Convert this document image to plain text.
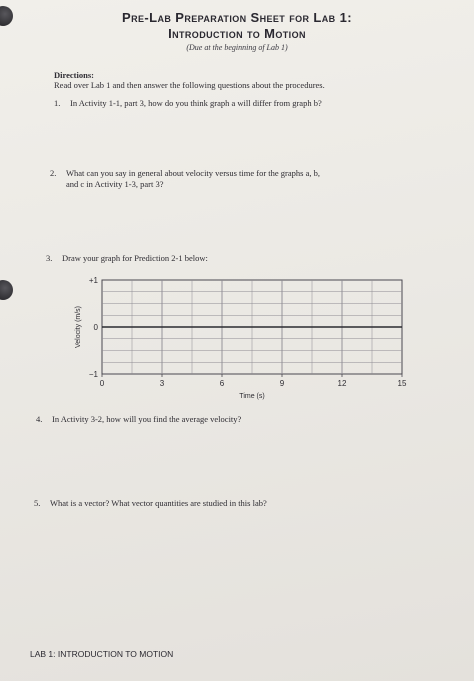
​
Pre-Lab Preparation Sheet for Lab 1:
Introduction to Motion
(Due at the beginning of Lab 1)
Directions:
Read over Lab 1 and then answer the following questions about the procedures.
1. In Activity 1-1, part 3, how do you think graph a will differ from graph b?
2. What can you say in general about velocity versus time for the graphs a, b,
and c in Activity 1-3, part 3?
3. Draw your graph for Prediction 2-1 below:
0	3	6	9	12	15
+1
0
−1
Time (s)
Velocity (m/s)
4. In Activity 3-2, how will you find the average velocity?
5. What is a vector? What vector quantities are studied in this lab?
LAB 1: INTRODUCTION TO MOTION
